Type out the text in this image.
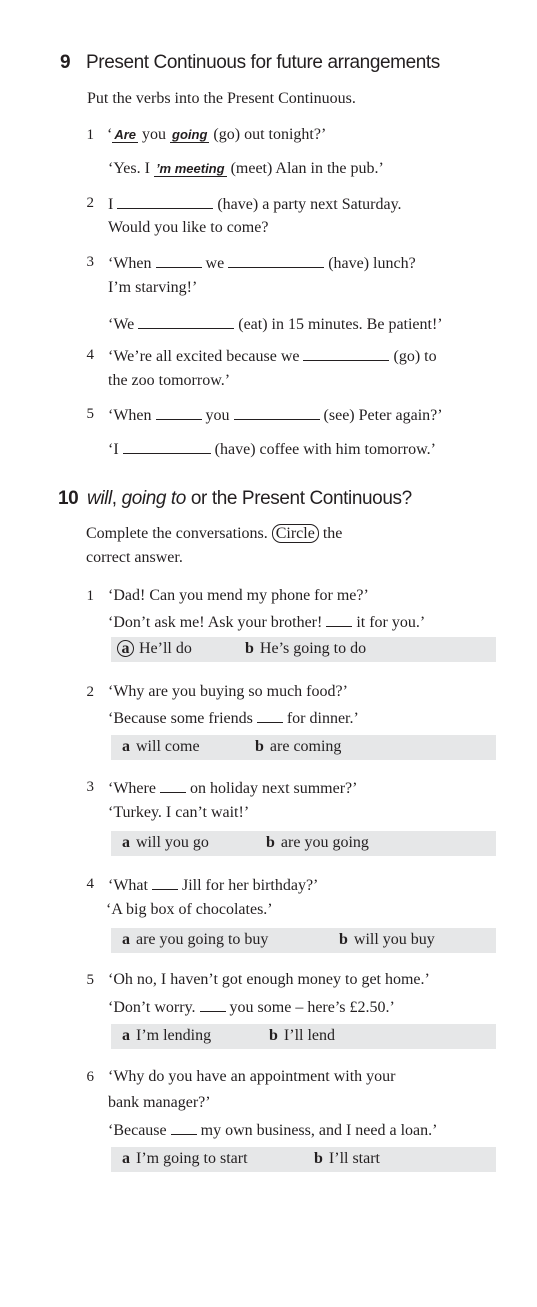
9 Present Continuous for future arrangements
Put the verbs into the Present Continuous.
1 ‘ Are you going (go) out tonight?’
‘Yes. I ’m meeting (meet) Alan in the pub.’
2 I	(have) a party next Saturday.
Would you like to come?
3 ‘When	we	(have) lunch?
I’m starving!’
‘We	(eat) in 15 minutes. Be patient!’
4 ‘We’re all excited because we	(go) to
the zoo tomorrow.’
5 ‘When	you	(see) Peter again?’
‘I	(have) coffee with him tomorrow.’
10 will, going to or the Present Continuous?
Complete the conversations. Circle the
correct answer.
1 ‘Dad! Can you mend my phone for me?’
‘Don’t ask me! Ask your brother! it for you.’
a He’ll do	b He’s going to do
2 ‘Why are you buying so much food?’
‘Because some friends for dinner.’
a will come	b are coming
3 ‘Where on holiday next summer?’
‘Turkey. I can’t wait!’
a will you go	b are you going
4 ‘What Jill for her birthday?’
‘A big box of chocolates.’
a are you going to buy	b will you buy
5 ‘Oh no, I haven’t got enough money to get home.’
‘Don’t worry. you some – here’s £2.50.’
a I’m lending	b I’ll lend
6 ‘Why do you have an appointment with your
bank manager?’
‘Because my own business, and I need a loan.’
a I’m going to start	b I’ll start
